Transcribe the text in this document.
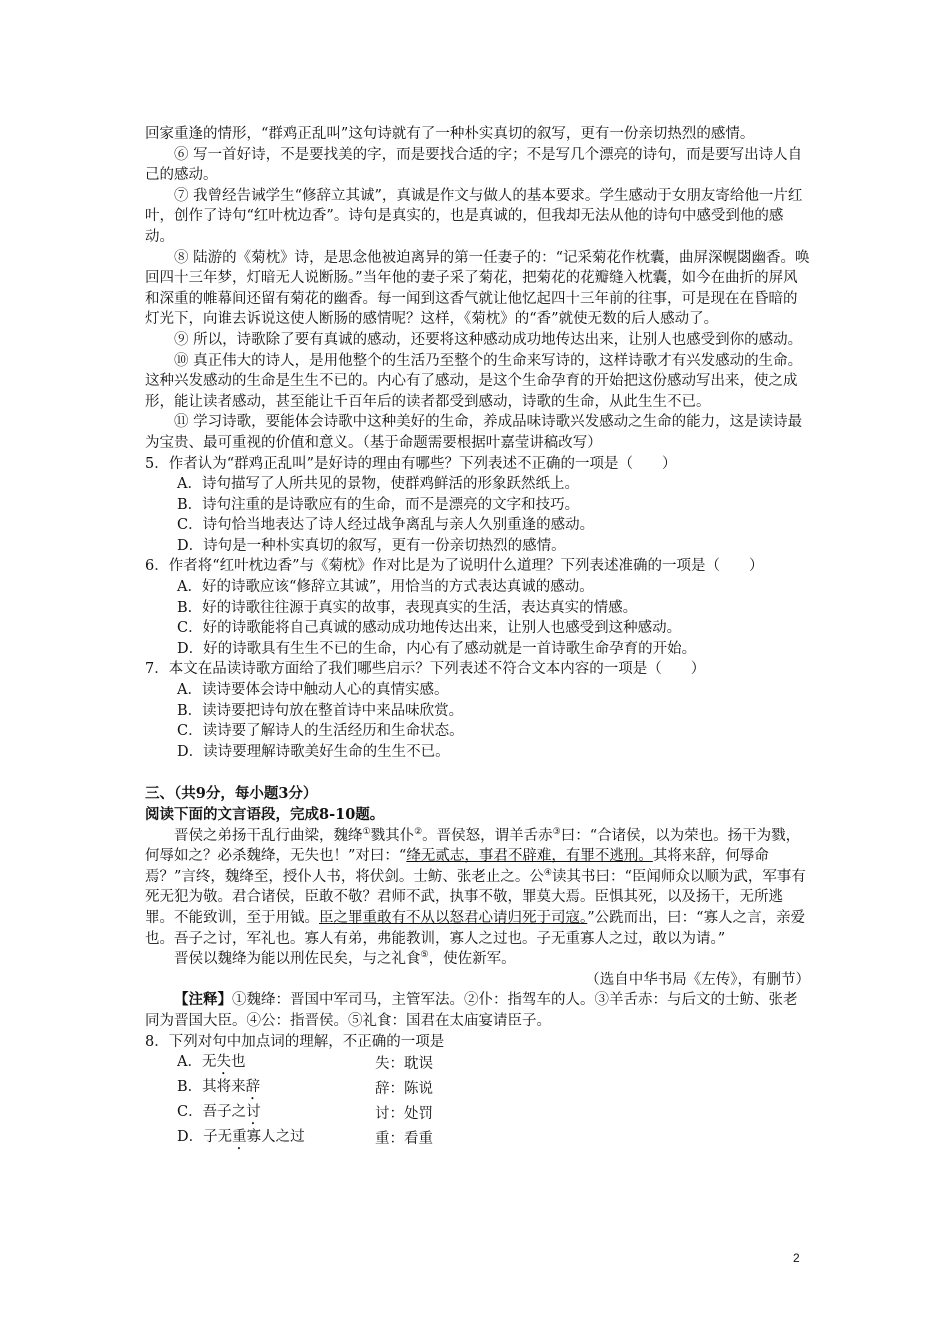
回家重逢的情形，“群鸡正乱叫”这句诗就有了一种朴实真切的叙写，更有一份亲切热烈的感情。

⑥ 写一首好诗，不是要找美的字，而是要找合适的字；不是写几个漂亮的诗句，而是要写出诗人自己的感动。

⑦ 我曾经告诫学生“修辞立其诚”，真诚是作文与做人的基本要求。学生感动于女朋友寄给他一片红叶，创作了诗句“红叶枕边香”。诗句是真实的，也是真诚的，但我却无法从他的诗句中感受到他的感动。

⑧ 陆游的《菊枕》诗，是思念他被迫离异的第一任妻子的：“记采菊花作枕囊，曲屏深幌閟幽香。唤回四十三年梦，灯暗无人说断肠。”当年他的妻子采了菊花，把菊花的花瓣缝入枕囊，如今在曲折的屏风和深重的帷幕间还留有菊花的幽香。每一闻到这香气就让他忆起四十三年前的往事，可是现在在昏暗的灯光下，向谁去诉说这使人断肠的感情呢？这样，《菊枕》的“香”就使无数的后人感动了。

⑨ 所以，诗歌除了要有真诚的感动，还要将这种感动成功地传达出来，让别人也感受到你的感动。

⑩ 真正伟大的诗人，是用他整个的生活乃至整个的生命来写诗的，这样诗歌才有兴发感动的生命。这种兴发感动的生命是生生不已的。内心有了感动，是这个生命孕育的开始把这份感动写出来，使之成形，能让读者感动，甚至能让千百年后的读者都受到感动，诗歌的生命，从此生生不已。

⑪ 学习诗歌，要能体会诗歌中这种美好的生命，养成品味诗歌兴发感动之生命的能力，这是读诗最为宝贵、最可重视的价值和意义。（基于命题需要根据叶嘉莹讲稿改写）

5．作者认为“群鸡正乱叫”是好诗的理由有哪些？下列表述不正确的一项是（　　）

A．诗句描写了人所共见的景物，使群鸡鲜活的形象跃然纸上。

B．诗句注重的是诗歌应有的生命，而不是漂亮的文字和技巧。

C．诗句恰当地表达了诗人经过战争离乱与亲人久别重逢的感动。

D．诗句是一种朴实真切的叙写，更有一份亲切热烈的感情。

6．作者将“红叶枕边香”与《菊枕》作对比是为了说明什么道理？下列表述准确的一项是（　　）

A．好的诗歌应该“修辞立其诚”，用恰当的方式表达真诚的感动。

B．好的诗歌往往源于真实的故事，表现真实的生活，表达真实的情感。

C．好的诗歌能将自己真诚的感动成功地传达出来，让别人也感受到这种感动。

D．好的诗歌具有生生不已的生命，内心有了感动就是一首诗歌生命孕育的开始。

7．本文在品读诗歌方面给了我们哪些启示？下列表述不符合文本内容的一项是（　　）

A．读诗要体会诗中触动人心的真情实感。

B．读诗要把诗句放在整首诗中来品味欣赏。

C．读诗要了解诗人的生活经历和生命状态。

D．读诗要理解诗歌美好生命的生生不已。

三、（共9分，每小题3分）

阅读下面的文言语段，完成8-10题。

晋侯之弟扬干乱行曲梁，魏绛①戮其仆②。晋侯怒，谓羊舌赤③曰：“合诸侯，以为荣也。扬干为戮，何辱如之？必杀魏绛，无失也！”对曰：“绛无贰志，事君不辟难，有罪不逃刑。其将来辞，何辱命焉？”言终，魏绛至，授仆人书，将伏剑。士鲂、张老止之。公④读其书曰：“臣闻师众以顺为武，军事有死无犯为敬。君合诸侯，臣敢不敬？君师不武，执事不敬，罪莫大焉。臣惧其死，以及扬干，无所逃罪。不能致训，至于用钺。臣之罪重敢有不从以怒君心请归死于司寇。”公跣而出，曰：“寡人之言，亲爱也。吾子之讨，军礼也。寡人有弟，弗能教训，寡人之过也。子无重寡人之过，敢以为请。”

晋侯以魏绛为能以刑佐民矣，与之礼食⑤，使佐新军。

（选自中华书局《左传》，有删节）

【注释】①魏绛：晋国中军司马，主管军法。②仆：指驾车的人。③羊舌赤：与后文的士鲂、张老同为晋国大臣。④公：指晋侯。⑤礼食：国君在太庙宴请臣子。

8．下列对句中加点词的理解，不正确的一项是

A．无失也	失：耽误
B．其将来辞	辞：陈说
C．吾子之讨	讨：处罚
D．子无重寡人之过	重：看重
2
